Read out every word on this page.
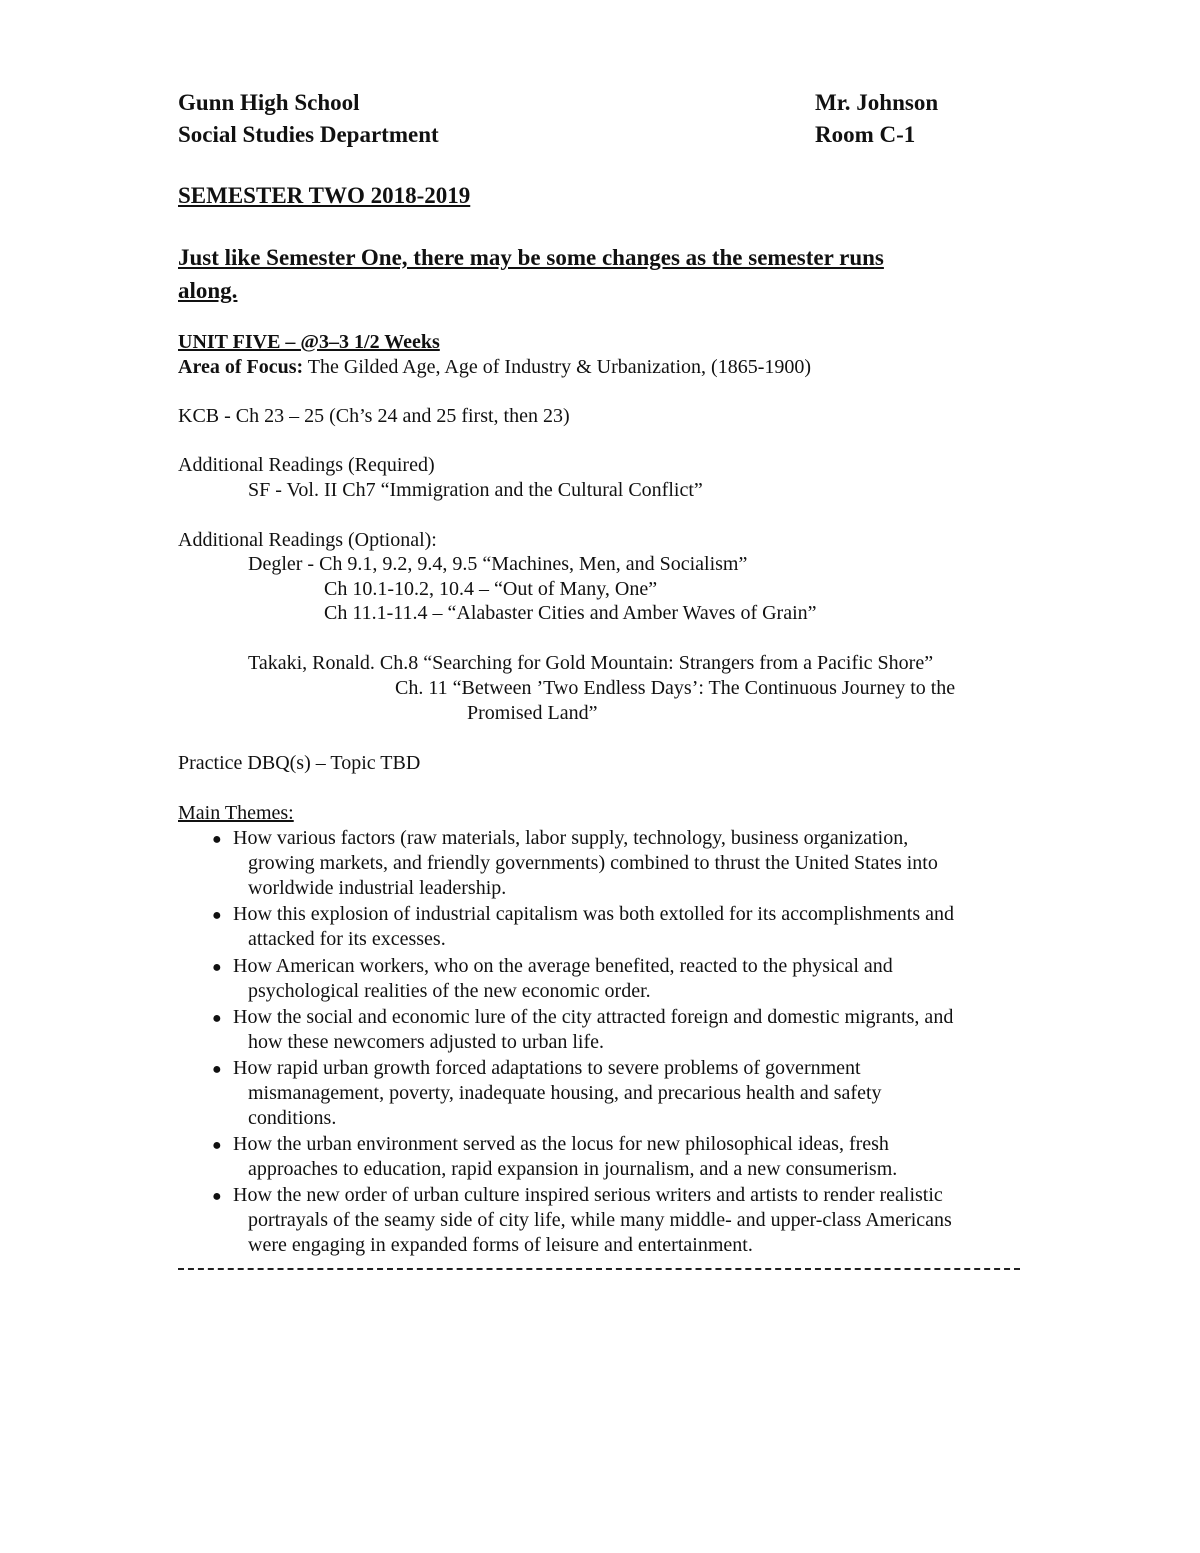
Gunn High School
Social Studies Department
Mr. Johnson
Room C-1
SEMESTER TWO 2018-2019
Just like Semester One, there may be some changes as the semester runs
along.
UNIT FIVE – @3–3 1/2 Weeks
Area of Focus: The Gilded Age, Age of Industry & Urbanization, (1865-1900)
KCB - Ch 23 – 25 (Ch’s 24 and 25 first, then 23)
Additional Readings (Required)
SF - Vol. II Ch7 “Immigration and the Cultural Conflict”
Additional Readings (Optional):
Degler - Ch 9.1, 9.2, 9.4, 9.5 “Machines, Men, and Socialism”
Ch 10.1-10.2, 10.4 – “Out of Many, One”
Ch 11.1-11.4 – “Alabaster Cities and Amber Waves of Grain”
Takaki, Ronald. Ch.8 “Searching for Gold Mountain: Strangers from a Pacific Shore”
Ch. 11 “Between ’Two Endless Days’: The Continuous Journey to the
Promised Land”
Practice DBQ(s) – Topic TBD
Main Themes:
● How various factors (raw materials, labor supply, technology, business organization,
growing markets, and friendly governments) combined to thrust the United States into
worldwide industrial leadership.
● How this explosion of industrial capitalism was both extolled for its accomplishments and
attacked for its excesses.
● How American workers, who on the average benefited, reacted to the physical and
psychological realities of the new economic order.
● How the social and economic lure of the city attracted foreign and domestic migrants, and
how these newcomers adjusted to urban life.
● How rapid urban growth forced adaptations to severe problems of government
mismanagement, poverty, inadequate housing, and precarious health and safety
conditions.
● How the urban environment served as the locus for new philosophical ideas, fresh
approaches to education, rapid expansion in journalism, and a new consumerism.
● How the new order of urban culture inspired serious writers and artists to render realistic
portrayals of the seamy side of city life, while many middle- and upper-class Americans
were engaging in expanded forms of leisure and entertainment.
